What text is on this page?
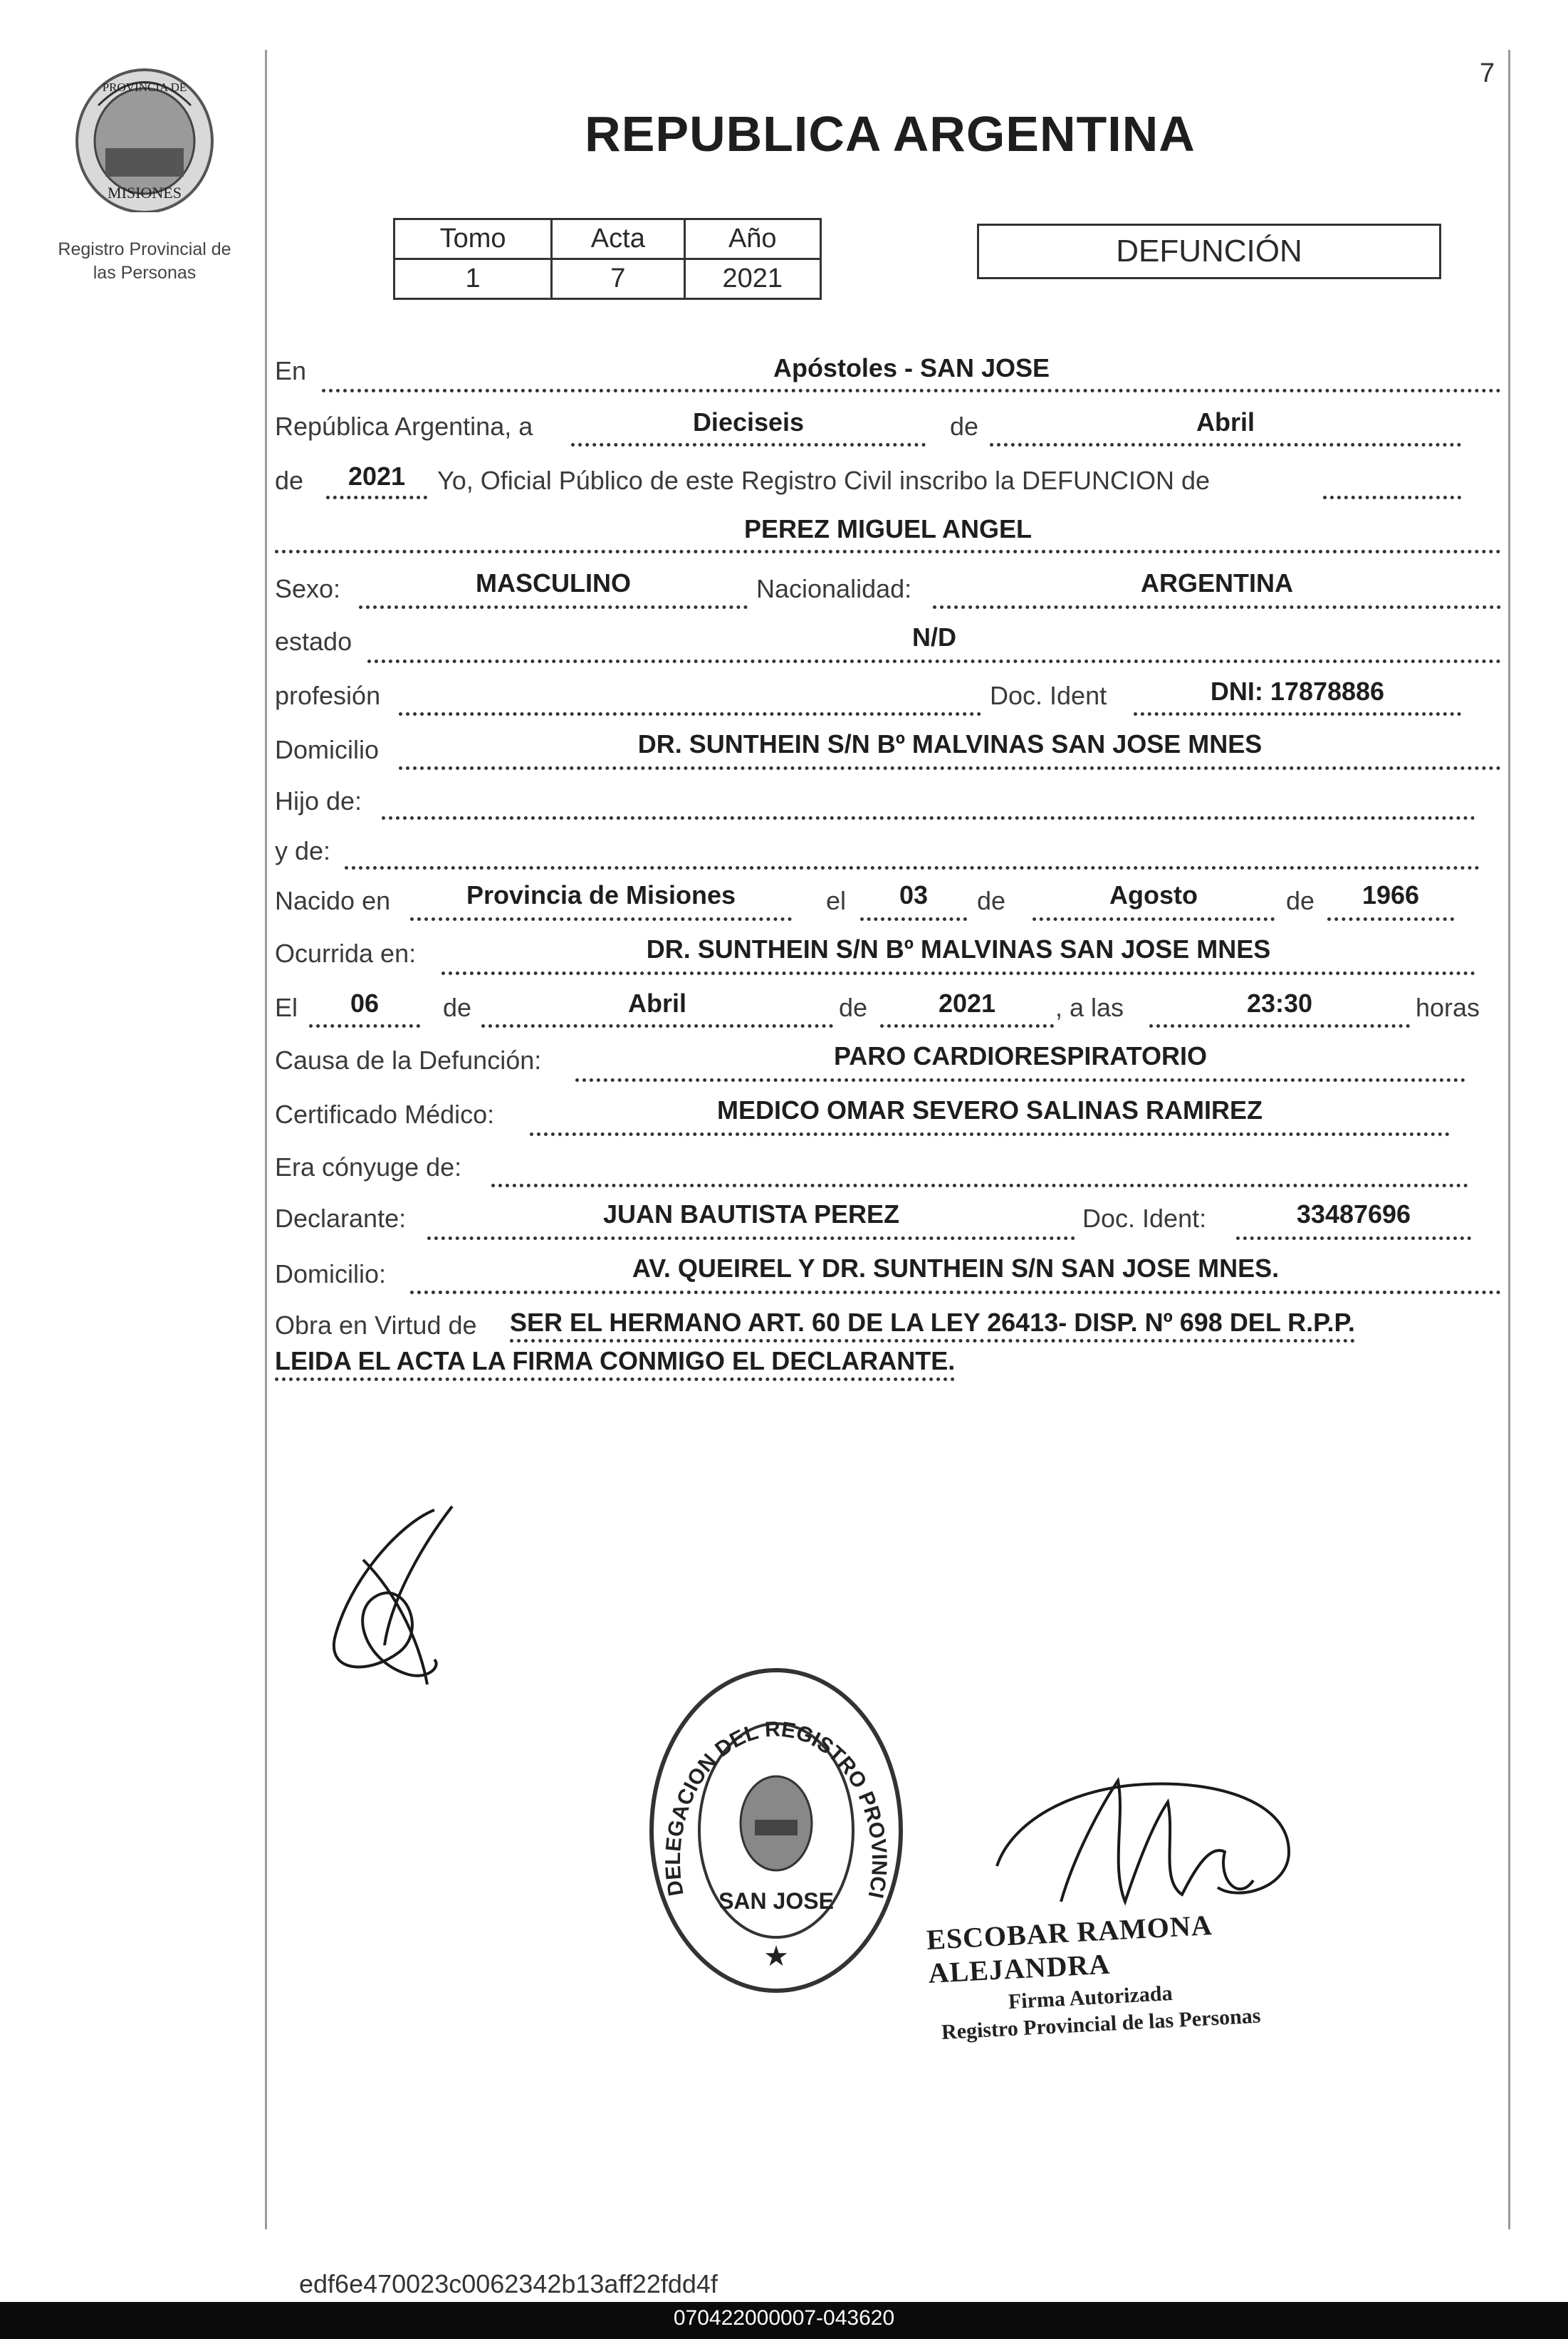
PROVINCIA DE
MISIONES
Registro Provincial de
las Personas
7
REPUBLICA ARGENTINA
Tomo	Acta	Año
1	7	2021
DEFUNCIÓN
En	Apóstoles - SAN JOSE
República Argentina, a	Dieciseis	de	Abril
de	2021	Yo, Oficial Público de este Registro Civil inscribo la DEFUNCION de
PEREZ MIGUEL ANGEL
Sexo:	MASCULINO	Nacionalidad:	ARGENTINA
estado	N/D
profesión	Doc. Ident	DNI: 17878886
Domicilio	DR. SUNTHEIN S/N Bº MALVINAS SAN JOSE MNES
Hijo de:
y de:
Nacido en	Provincia de Misiones	el	03	de	Agosto	de	1966
Ocurrida en:	DR. SUNTHEIN S/N Bº MALVINAS SAN JOSE MNES
El	06	de	Abril	de	2021	, a las	23:30	horas
Causa de la Defunción:	PARO CARDIORESPIRATORIO
Certificado Médico:	MEDICO OMAR SEVERO SALINAS RAMIREZ
Era cónyuge de:
Declarante:	JUAN BAUTISTA PEREZ	Doc. Ident:	33487696
Domicilio:	AV. QUEIREL Y DR. SUNTHEIN S/N SAN JOSE MNES.
Obra en Virtud de SER EL HERMANO ART. 60 DE LA LEY 26413- DISP. Nº 698 DEL R.P.P.
LEIDA EL ACTA LA FIRMA CONMIGO EL DECLARANTE.
DELEGACION DEL REGISTRO PROVINCI
SAN JOSE
★
ESCOBAR RAMONA ALEJANDRA
Firma Autorizada
Registro Provincial de las Personas
edf6e470023c0062342b13aff22fdd4f
070422000007-043620
